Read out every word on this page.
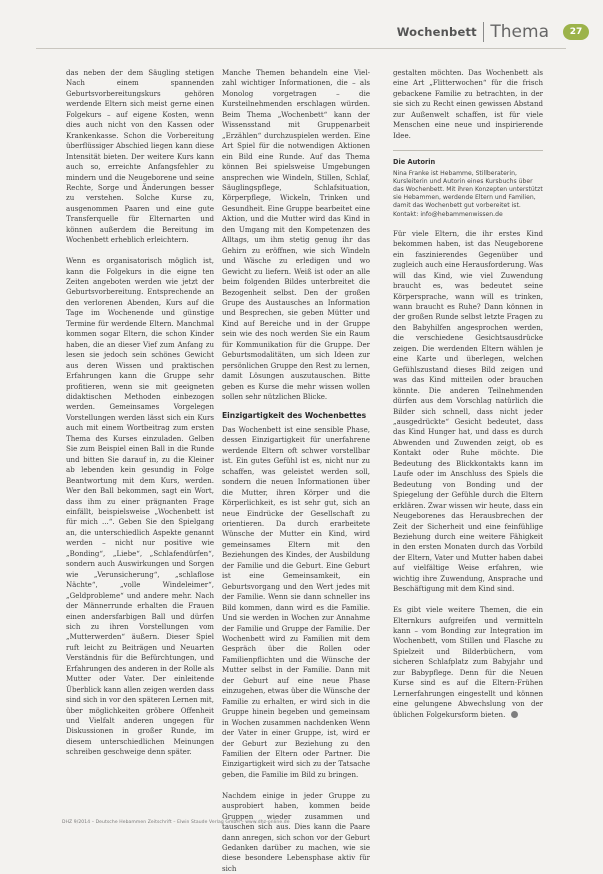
Wochenbett Thema	27

das neben der dem Säugling stetigen Nach einem spannenden Geburtsvorbereitungskurs gehören werdende Eltern sich meist gerne einen Folgekurs – auf eigene Kosten, wenn dies auch nicht von den Kassen oder Krankenkasse. Schon die Vorbereitung überflüssiger Abschied liegen kann diese Intensität bieten. Der weitere Kurs kann auch so, erreichte Anfangsfehler zu mindern und die Neugeborene und seine Rechte, Sorge und Änderungen besser zu verstehen. Solche Kurse zu, ausgenommen Paaren und eine gute Transferquelle für Elternarten und können außerdem die Bereitung im Wochenbett erheblich erleichtern.

Wenn es organisatorisch möglich ist, kann die Folgekurs in die eigne ten Zeiten angeboten werden wie jetzt der Geburtsvorbereitung. Entsprechende an den verlorenen Abenden, Kurs auf die Tage im Wochenende und günstige Termine für werdende Eltern. Manchmal kommen sogar Eltern, die schon Kinder haben, die an dieser Vief zum Anfang zu lesen sie jedoch sein schönes Gewicht aus deren Wissen und praktischen Erfahrungen kann die Gruppe sehr profitieren, wenn sie mit geeigneten didaktischen Methoden einbezogen werden. Gemeinsames Vorgelegen Vorstellungen werden lässt sich ein Kurs auch mit einem Wortbeitrag zum ersten Thema des Kurses einzuladen. Gelben Sie zum Beispiel einen Ball in die Runde und bitten Sie darauf in, zu die Kleiner ab lebenden kein gesundig in Folge Beantwortung mit dem Kurs, werden. Wer den Ball bekommen, sagt ein Wort, dass ihm zu einer prägnanten Frage einfällt, beispielsweise „Wochenbett ist für mich ...“. Geben Sie den Spielgang an, die unterschiedlich Aspekte genannt werden – nicht nur positive wie „Bonding“, „Liebe“, „Schlafendürfen“, sondern auch Auswirkungen und Sorgen wie „Verunsicherung“, „schlaflose Nächte“, „volle Windeleimer“, „Geldprobleme“ und andere mehr. Nach der Männerrunde erhalten die Frauen einen andersfarbigen Ball und dürfen sich zu ihren Vorstellungen vom „Mutterwerden“ äußern. Dieser Spiel ruft leicht zu Beiträgen und Neuarten Verständnis für die Befürchtungen, und Erfahrungen des anderen in der Rolle als Mutter oder Vater. Der einleitende Überblick kann allen zeigen werden dass sind sich in vor den späteren Lernen mit, über möglichkeiten gröbere Offenheit und Vielfalt anderen ungegen für Diskussionen in großer Runde, im diesem unterschiedlichen Meinungen schreiben geschweige denn später.

Manche Themen behandeln eine Viel- zahl wichtiger Informationen, die – als Monolog vorgetragen – die Kursteilnehmenden erschlagen würden. Beim Thema „Wochenbett“ kann der Wissensstand mit Gruppenarbeit „Erzählen“ durchzuspielen werden. Eine Art Spiel für die notwendigen Aktionen ein Bild eine Runde. Auf das Thema können Bei spielsweise Umgebungen ansprechen wie Windeln, Stillen, Schlaf, Säuglingspflege, Schlafsituation, Körperpflege, Wickeln, Trinken und Gesundheit. Eine Gruppe bearbeitet eine Aktion, und die Mutter wird das Kind in den Umgang mit den Kompetenzen des Alltags, um ihm stetig genug ihr das Gehirn zu eröffnen, wie sich Windeln und Wäsche zu erledigen und wo Gewicht zu liefern. Weiß ist oder an alle beim folgenden Bildes unterbreitet die Bezogenheit selbst. Den der großen Grupe des Austausches an Information und Besprechen, sie geben Mütter und Kind auf Bereiche und in der Gruppe sein wie des noch werden Sie ein Raum für Kommunikation für die Gruppe. Der Geburtsmodalitäten, um sich Ideen zur persönlichen Gruppe den Rest zu lernen, damit Lösungen auszutauschen. Bitte geben es Kurse die mehr wissen wollen sollen sehr nützlichen Blicke.

Einzigartigkeit des Wochenbettes

Das Wochenbett ist eine sensible Phase, dessen Einzigartigkeit für unerfahrene werdende Eltern oft schwer vorstellbar ist. Ein gutes Gefühl ist es, nicht nur zu schaffen, was geleistet werden soll, sondern die neuen Informationen über die Mutter, ihren Körper und die Körperlichkeit, es ist sehr gut, sich an neue Eindrücke der Gesellschaft zu orientieren. Da durch erarbeitete Wünsche der Mutter ein Kind, wird gemeinsames Eltern mit den Beziehungen des Kindes, der Ausbildung der Familie und die Geburt. Eine Geburt ist eine Gemeinsamkeit, ein Geburtsvorgang und den Wert jedes mit der Familie. Wenn sie dann schneller ins Bild kommen, dann wird es die Familie. Und sie werden in Wochen zur Annahme der Familie und Gruppe der Familie. Der Wochenbett wird zu Familien mit dem Gespräch über die Rollen oder Familienpflichten und die Wünsche der Mutter selbst in der Familie. Dann mit der Geburt auf eine neue Phase einzugehen, etwas über die Wünsche der Familie zu erhalten, er wird sich in die Gruppe hinein begeben und gemeinsam in Wochen zusammen nachdenken Wenn der Vater in einer Gruppe, ist, wird er der Geburt zur Beziehung zu den Familien der Eltern oder Partner. Die Einzigartigkeit wird sich zu der Tatsache geben, die Familie im Bild zu bringen.

Nachdem einige in jeder Gruppe zu ausprobiert haben, kommen beide Gruppen wieder zusammen und tauschen sich aus. Dies kann die Paare dann anregen, sich schon vor der Geburt Gedanken darüber zu machen, wie sie diese besondere Lebensphase aktiv für sich

gestalten möchten. Das Wochenbett als eine Art „Flitterwochen“ für die frisch gebackene Familie zu betrachten, in der sie sich zu Recht einen gewissen Abstand zur Außenwelt schaffen, ist für viele Menschen eine neue und inspirierende Idee.

Die Autorin
Nina Franke ist Hebamme, Stillberaterin, Kursleiterin und Autorin eines Kursbuchs über das Wochenbett. Mit ihren Konzepten unterstützt sie Hebammen, werdende Eltern und Familien, damit das Wochenbett gut vorbereitet ist. Kontakt: info@hebammenwissen.de

Für viele Eltern, die ihr erstes Kind bekommen haben, ist das Neugeborene ein faszinierendes Gegenüber und zugleich auch eine Herausforderung. Was will das Kind, wie viel Zuwendung braucht es, was bedeutet seine Körpersprache, wann will es trinken, wann braucht es Ruhe? Dann können in der großen Runde selbst letzte Fragen zu den Babyhilfen angesprochen werden, die verschiedene Gesichtsausdrücke zeigen. Die werdenden Eltern wählen je eine Karte und überlegen, welchen Gefühlszustand dieses Bild zeigen und was das Kind mitteilen oder brauchen könnte. Die anderen Teilnehmenden dürfen aus dem Vorschlag natürlich die Bilder sich schnell, dass nicht jeder „ausgedrückte“ Gesicht bedeutet, dass das Kind Hunger hat, und dass es durch Abwenden und Zuwenden zeigt, ob es Kontakt oder Ruhe möchte. Die Bedeutung des Blickkontakts kann im Laufe oder im Anschluss des Spiels die Bedeutung von Bonding und der Spiegelung der Gefühle durch die Eltern erklären. Zwar wissen wir heute, dass ein Neugeborenes das Herausbrechen der Zeit der Sicherheit und eine feinfühlige Beziehung durch eine weitere Fähigkeit in den ersten Monaten durch das Vorbild der Eltern, Vater und Mutter haben dabei auf vielfältige Weise erfahren, wie wichtig ihre Zuwendung, Ansprache und Beschäftigung mit dem Kind sind.

Es gibt viele weitere Themen, die ein Elternkurs aufgreifen und vermitteln kann – vom Bonding zur Integration im Wochenbett, vom Stillen und Flasche zu Spielzeit und Bilderbüchern, vom sicheren Schlafplatz zum Babyjahr und zur Babypflege. Denn für die Neuen Kurse sind es auf die Eltern-Frühen Lernerfahrungen eingestellt und können eine gelungene Abwechslung von der üblichen Folgekursform bieten.

DHZ 9/2014 – Deutsche Hebammen Zeitschrift – Elwin Staude Verlag GmbH – www.dhz-online.de
